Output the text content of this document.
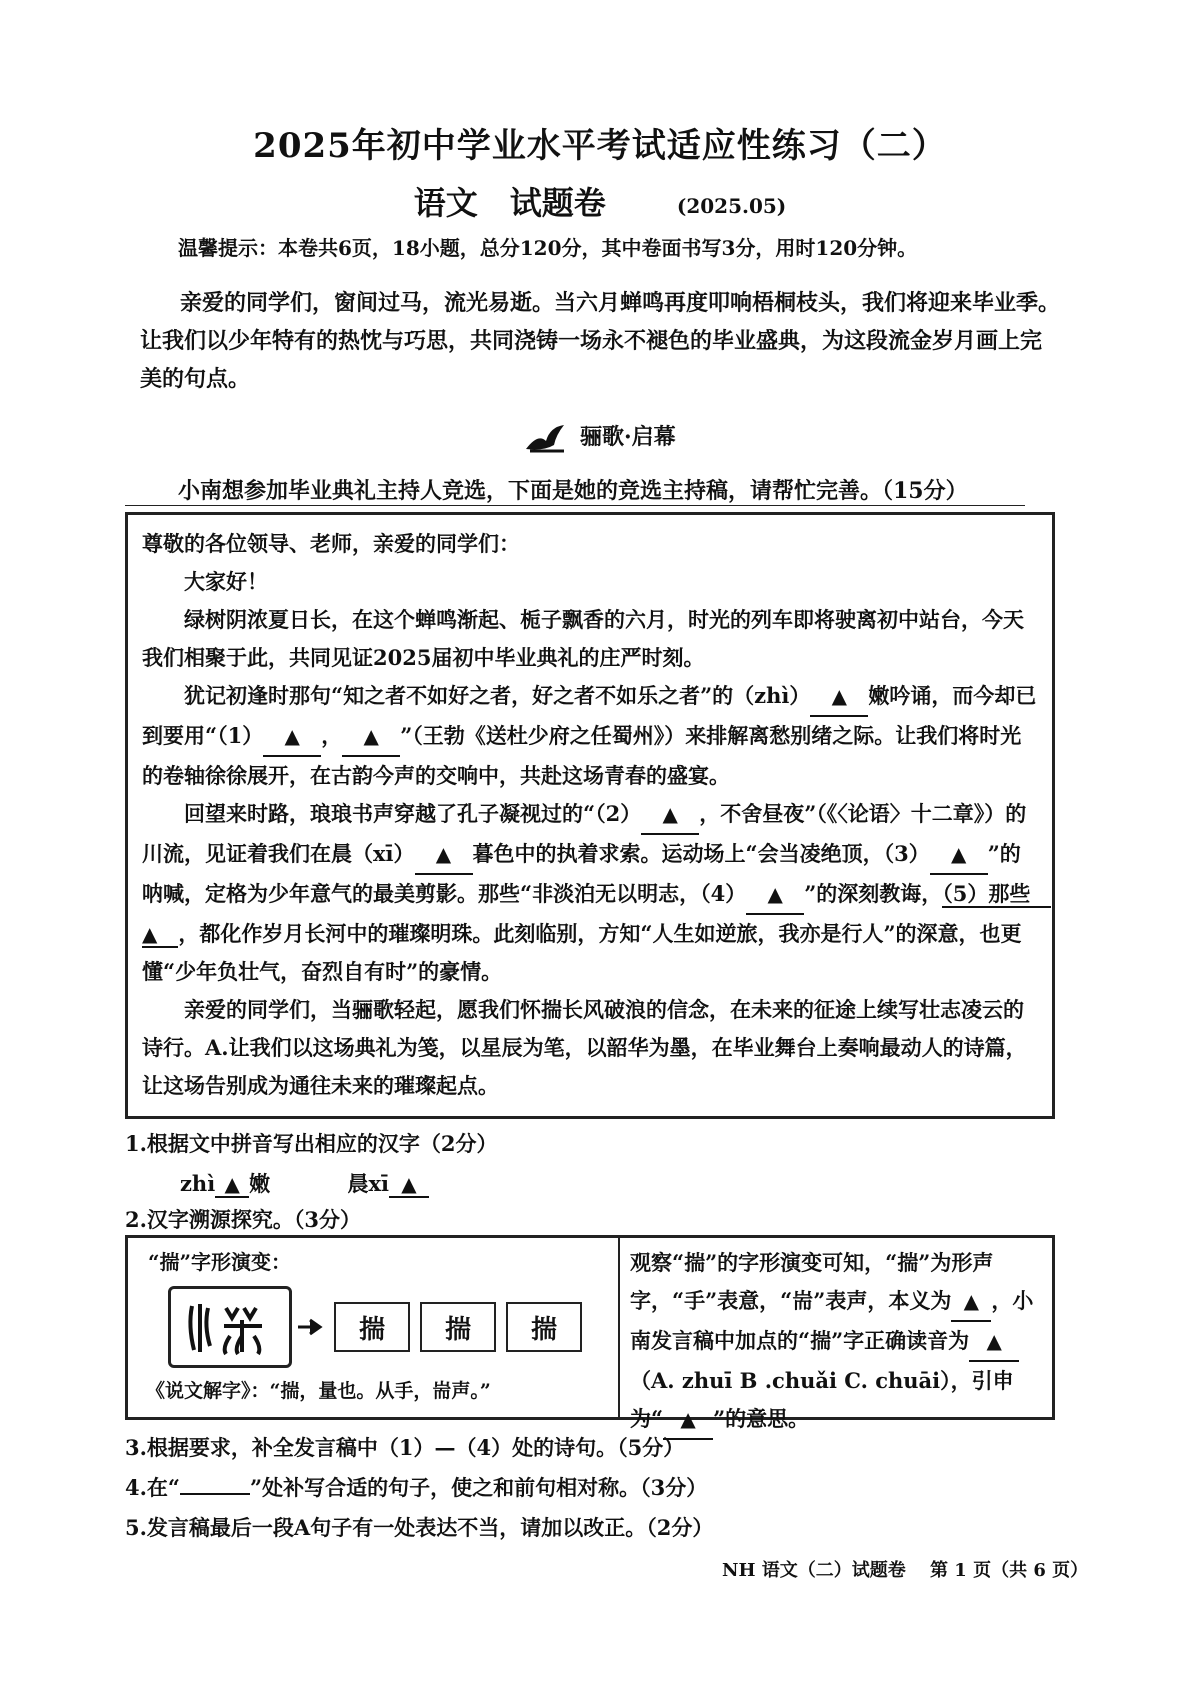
2025年初中学业水平考试适应性练习（二）
语文　试题卷	(2025.05)
温馨提示：本卷共6页，18小题，总分120分，其中卷面书写3分，用时120分钟。
亲爱的同学们，窗间过马，流光易逝。当六月蝉鸣再度叩响梧桐枝头，我们将迎来毕业季。让我们以少年特有的热忱与巧思，共同浇铸一场永不褪色的毕业盛典，为这段流金岁月画上完美的句点。
骊歌·启幕
小南想参加毕业典礼主持人竞选，下面是她的竞选主持稿，请帮忙完善。（15分）

尊敬的各位领导、老师，亲爱的同学们：

大家好！

绿树阴浓夏日长，在这个蝉鸣渐起、栀子飘香的六月，时光的列车即将驶离初中站台，今天我们相聚于此，共同见证2025届初中毕业典礼的庄严时刻。

犹记初逢时那句“知之者不如好之者，好之者不如乐之者”的（zhì） ▲ 嫩吟诵，而今却已到要用“（1） ▲ ， ▲ ”（王勃《送杜少府之任蜀州》）来排解离愁别绪之际。让我们将时光的卷轴徐徐展开，在古韵今声的交响中，共赴这场青春的盛宴。

回望来时路，琅琅书声穿越了孔子凝视过的“（2） ▲ ，不舍昼夜”（《〈论语〉十二章》）的川流，见证着我们在晨（xī） ▲ 暮色中的执着求索。运动场上“会当凌绝顶，（3） ▲ ”的呐喊，定格为少年意气的最美剪影。那些“非淡泊无以明志，（4） ▲ ”的深刻教诲，（5）那些　▲　 ，都化作岁月长河中的璀璨明珠。此刻临别，方知“人生如逆旅，我亦是行人”的深意，也更懂“少年负壮气，奋烈自有时”的豪情。

亲爱的同学们，当骊歌轻起，愿我们怀揣长风破浪的信念，在未来的征途上续写壮志凌云的诗行。A.让我们以这场典礼为笺，以星辰为笔，以韶华为墨，在毕业舞台上奏响最动人的诗篇，让这场告别成为通往未来的璀璨起点。

1.根据文中拼音写出相应的汉字（2分）
zhì ▲ 嫩	晨xī ▲
2.汉字溯源探究。（3分）
“揣”字形演变：
揣	揣	揣
《说文解字》：“揣，量也。从手，耑声。”
观察“揣”的字形演变可知，“揣”为形声字，“手”表意，“耑”表声，本义为 ▲ ，小南发言稿中加点的“揣”字正确读音为 ▲（A. zhuī B .chuǎi C. chuāi），引申为“ ▲ ”的意思。
3.根据要求，补全发言稿中（1）—（4）处的诗句。（5分）
4.在“	”处补写合适的句子，使之和前句相对称。（3分）
5.发言稿最后一段A句子有一处表达不当，请加以改正。（2分）
NH 语文（二）试题卷 第 1 页（共 6 页）
